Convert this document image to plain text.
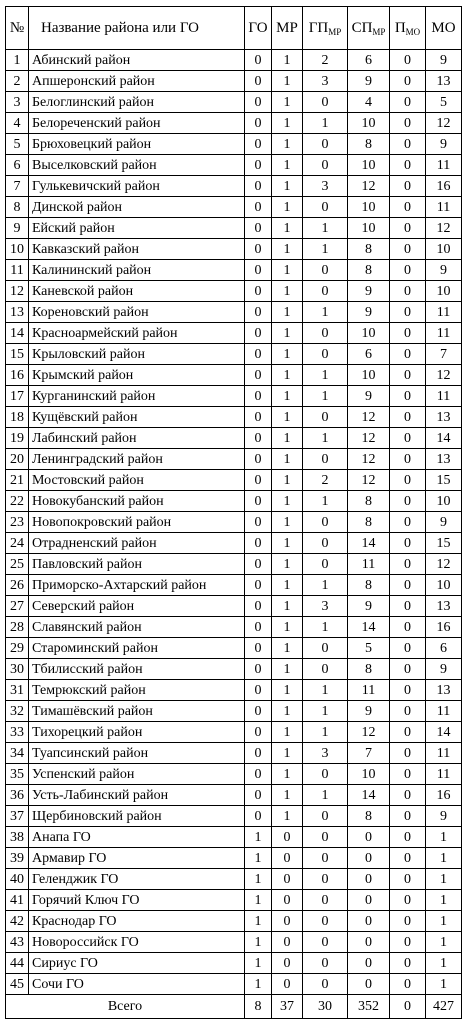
№	Название района или ГО	ГО	МР	$ГП_{МР}$	$СП_{МР}$	$П_{МО}$	МО
1	Абинский район	0	1	2	6	0	9
2	Апшеронский район	0	1	3	9	0	13
3	Белоглинский район	0	1	0	4	0	5
4	Белореченский район	0	1	1	10	0	12
5	Брюховецкий район	0	1	0	8	0	9
6	Выселковский район	0	1	0	10	0	11
7	Гулькевичский район	0	1	3	12	0	16
8	Динской район	0	1	0	10	0	11
9	Ейский район	0	1	1	10	0	12
10	Кавказский район	0	1	1	8	0	10
11	Калининский район	0	1	0	8	0	9
12	Каневской район	0	1	0	9	0	10
13	Кореновский район	0	1	1	9	0	11
14	Красноармейский район	0	1	0	10	0	11
15	Крыловский район	0	1	0	6	0	7
16	Крымский район	0	1	1	10	0	12
17	Курганинский район	0	1	1	9	0	11
18	Кущёвский район	0	1	0	12	0	13
19	Лабинский район	0	1	1	12	0	14
20	Ленинградский район	0	1	0	12	0	13
21	Мостовский район	0	1	2	12	0	15
22	Новокубанский район	0	1	1	8	0	10
23	Новопокровский район	0	1	0	8	0	9
24	Отрадненский район	0	1	0	14	0	15
25	Павловский район	0	1	0	11	0	12
26	Приморско-Ахтарский район	0	1	1	8	0	10
27	Северский район	0	1	3	9	0	13
28	Славянский район	0	1	1	14	0	16
29	Староминский район	0	1	0	5	0	6
30	Тбилисский район	0	1	0	8	0	9
31	Темрюкский район	0	1	1	11	0	13
32	Тимашёвский район	0	1	1	9	0	11
33	Тихорецкий район	0	1	1	12	0	14
34	Туапсинский район	0	1	3	7	0	11
35	Успенский район	0	1	0	10	0	11
36	Усть-Лабинский район	0	1	1	14	0	16
37	Щербиновский район	0	1	0	8	0	9
38	Анапа ГО	1	0	0	0	0	1
39	Армавир ГО	1	0	0	0	0	1
40	Геленджик ГО	1	0	0	0	0	1
41	Горячий Ключ ГО	1	0	0	0	0	1
42	Краснодар ГО	1	0	0	0	0	1
43	Новороссийск ГО	1	0	0	0	0	1
44	Сириус ГО	1	0	0	0	0	1
45	Сочи ГО	1	0	0	0	0	1
Всего		8	37	30	352	0	427
